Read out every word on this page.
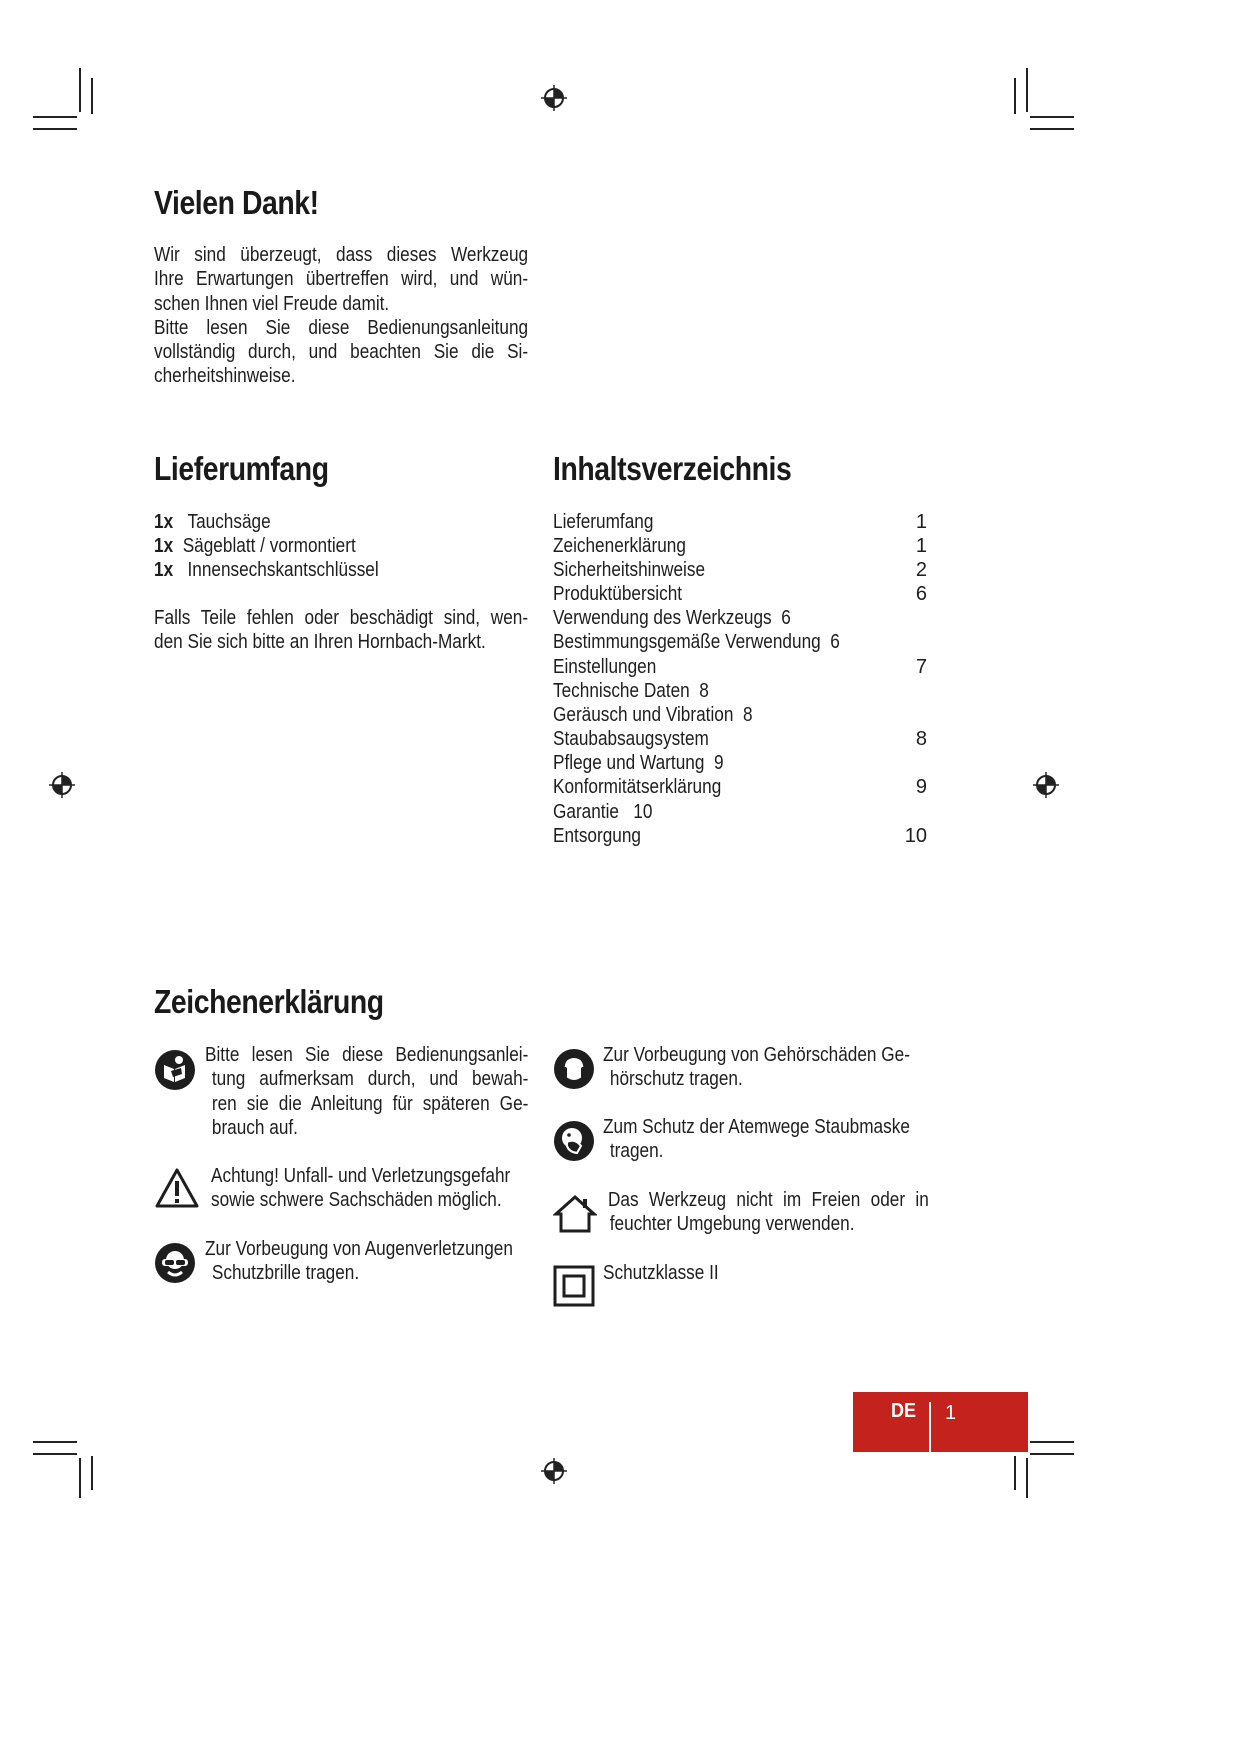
Vielen Dank!
Wir sind überzeugt, dass dieses Werkzeug
Ihre Erwartungen übertreffen wird, und wün-
schen Ihnen viel Freude damit.
Bitte lesen Sie diese Bedienungsanleitung
vollständig durch, und beachten Sie die Si-
cherheitshinweise.
Lieferumfang
1x Tauchsäge
1x Sägeblatt / vormontiert
1x Innensechskantschlüssel
Falls Teile fehlen oder beschädigt sind, wen-
den Sie sich bitte an Ihren Hornbach-Markt.
Inhaltsverzeichnis
Lieferumfang	1
Zeichenerklärung	1
Sicherheitshinweise	2
Produktübersicht	6
Verwendung des Werkzeugs  6
Bestimmungsgemäße Verwendung  6
Einstellungen	7
Technische Daten  8
Geräusch und Vibration  8
Staubabsaugsystem	8
Pflege und Wartung  9
Konformitätserklärung	9
Garantie   10
Entsorgung	10
Zeichenerklärung
Bitte lesen Sie diese Bedienungsanlei-
tung aufmerksam durch, und bewah-
ren sie die Anleitung für späteren Ge-
brauch auf.
Achtung! Unfall- und Verletzungsgefahr
sowie schwere Sachschäden möglich.
Zur Vorbeugung von Augenverletzungen
Schutzbrille tragen.
Zur Vorbeugung von Gehörschäden Ge-
hörschutz tragen.
Zum Schutz der Atemwege Staubmaske
tragen.
Das Werkzeug nicht im Freien oder in
feuchter Umgebung verwenden.
Schutzklasse II
DE 1
